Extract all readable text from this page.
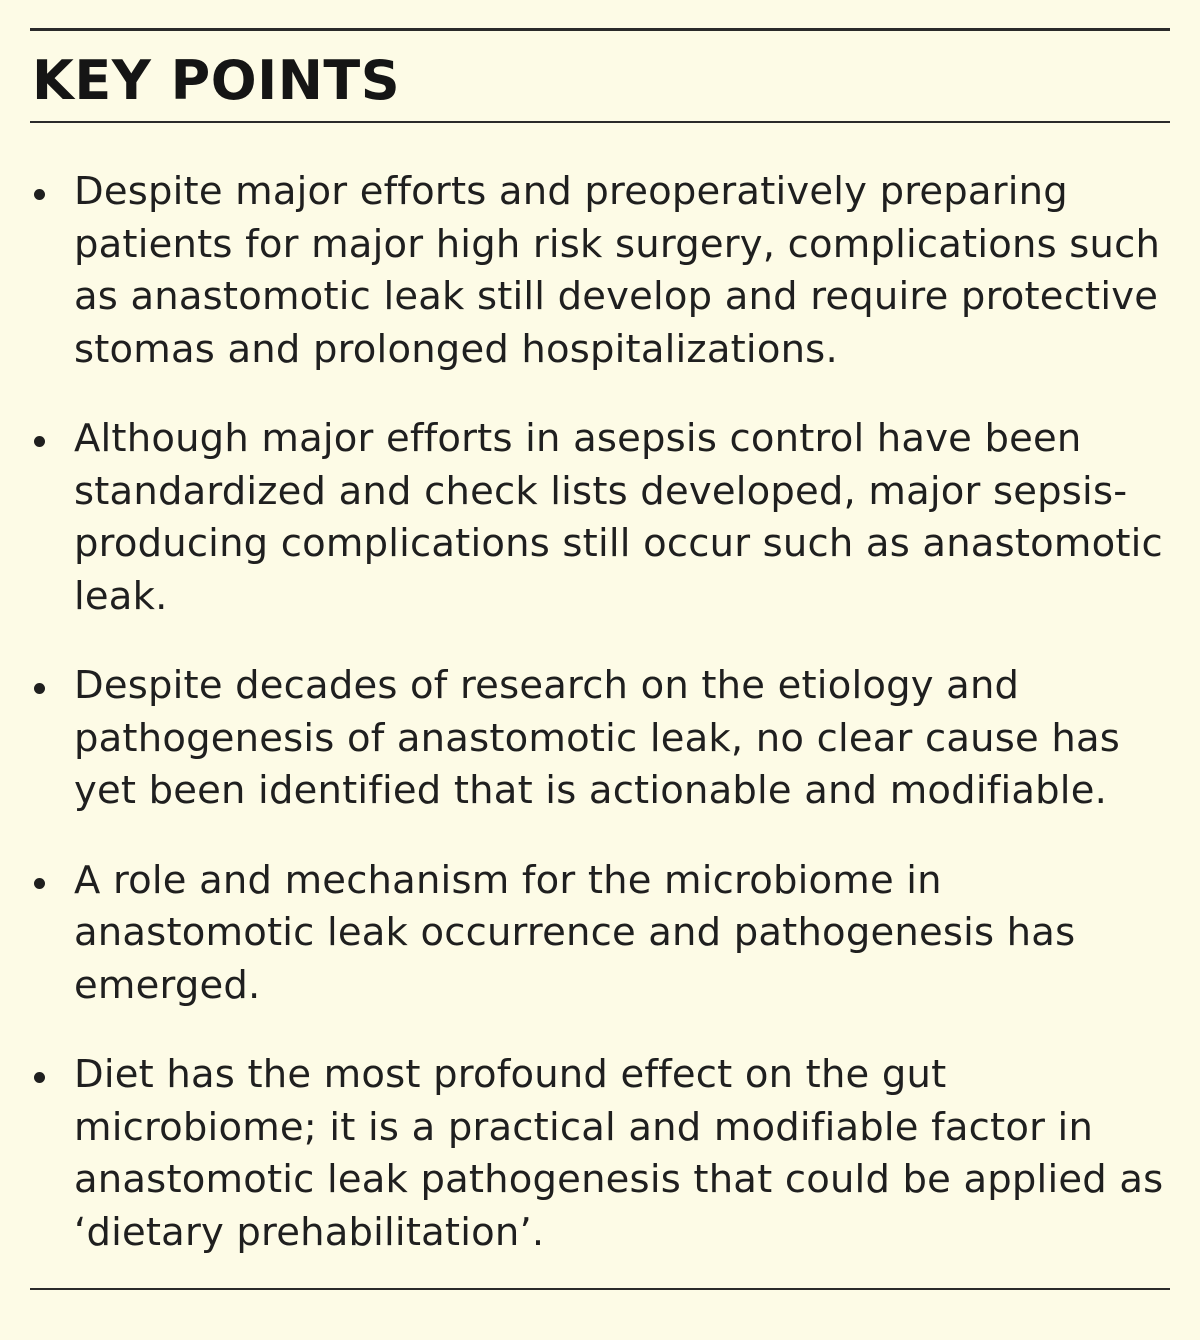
KEY POINTS
Despite major efforts and preoperatively preparing patients for major high risk surgery, complications such as anastomotic leak still develop and require protective stomas and prolonged hospitalizations.
Although major efforts in asepsis control have been standardized and check lists developed, major sepsis-producing complications still occur such as anastomotic leak.
Despite decades of research on the etiology and pathogenesis of anastomotic leak, no clear cause has yet been identified that is actionable and modifiable.
A role and mechanism for the microbiome in anastomotic leak occurrence and pathogenesis has emerged.
Diet has the most profound effect on the gut microbiome; it is a practical and modifiable factor in anastomotic leak pathogenesis that could be applied as ‘dietary prehabilitation’.
